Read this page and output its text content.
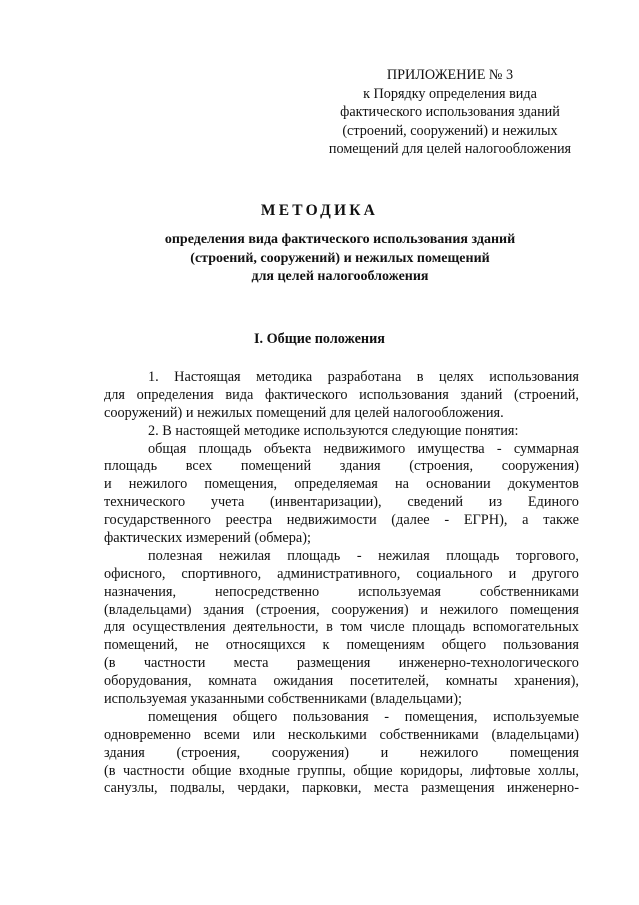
ПРИЛОЖЕНИЕ № 3
к Порядку определения вида
фактического использования зданий
(строений, сооружений) и нежилых
помещений для целей налогообложения
МЕТОДИКА
определения вида фактического использования зданий
(строений, сооружений) и нежилых помещений
для целей налогообложения
I. Общие положения
1. Настоящая методика разработана в целях использования
для определения вида фактического использования зданий (строений,
сооружений) и нежилых помещений для целей налогообложения.
2. В настоящей методике используются следующие понятия:
общая площадь объекта недвижимого имущества - суммарная
площадь всех помещений здания (строения, сооружения)
и нежилого помещения, определяемая на основании документов
технического учета (инвентаризации), сведений из Единого
государственного реестра недвижимости (далее - ЕГРН), а также
фактических измерений (обмера);
полезная нежилая площадь - нежилая площадь торгового,
офисного, спортивного, административного, социального и другого
назначения,	непосредственно	используемая	собственниками
(владельцами) здания (строения, сооружения) и нежилого помещения
для осуществления деятельности, в том числе площадь вспомогательных
помещений, не относящихся к помещениям общего пользования
(в частности места размещения инженерно-технологического
оборудования, комната ожидания посетителей, комнаты хранения),
используемая указанными собственниками (владельцами);
помещения общего пользования - помещения, используемые
одновременно всеми или несколькими собственниками (владельцами)
здания (строения, сооружения) и нежилого помещения
(в частности общие входные группы, общие коридоры, лифтовые холлы,
санузлы, подвалы, чердаки, парковки, места размещения инженерно-
